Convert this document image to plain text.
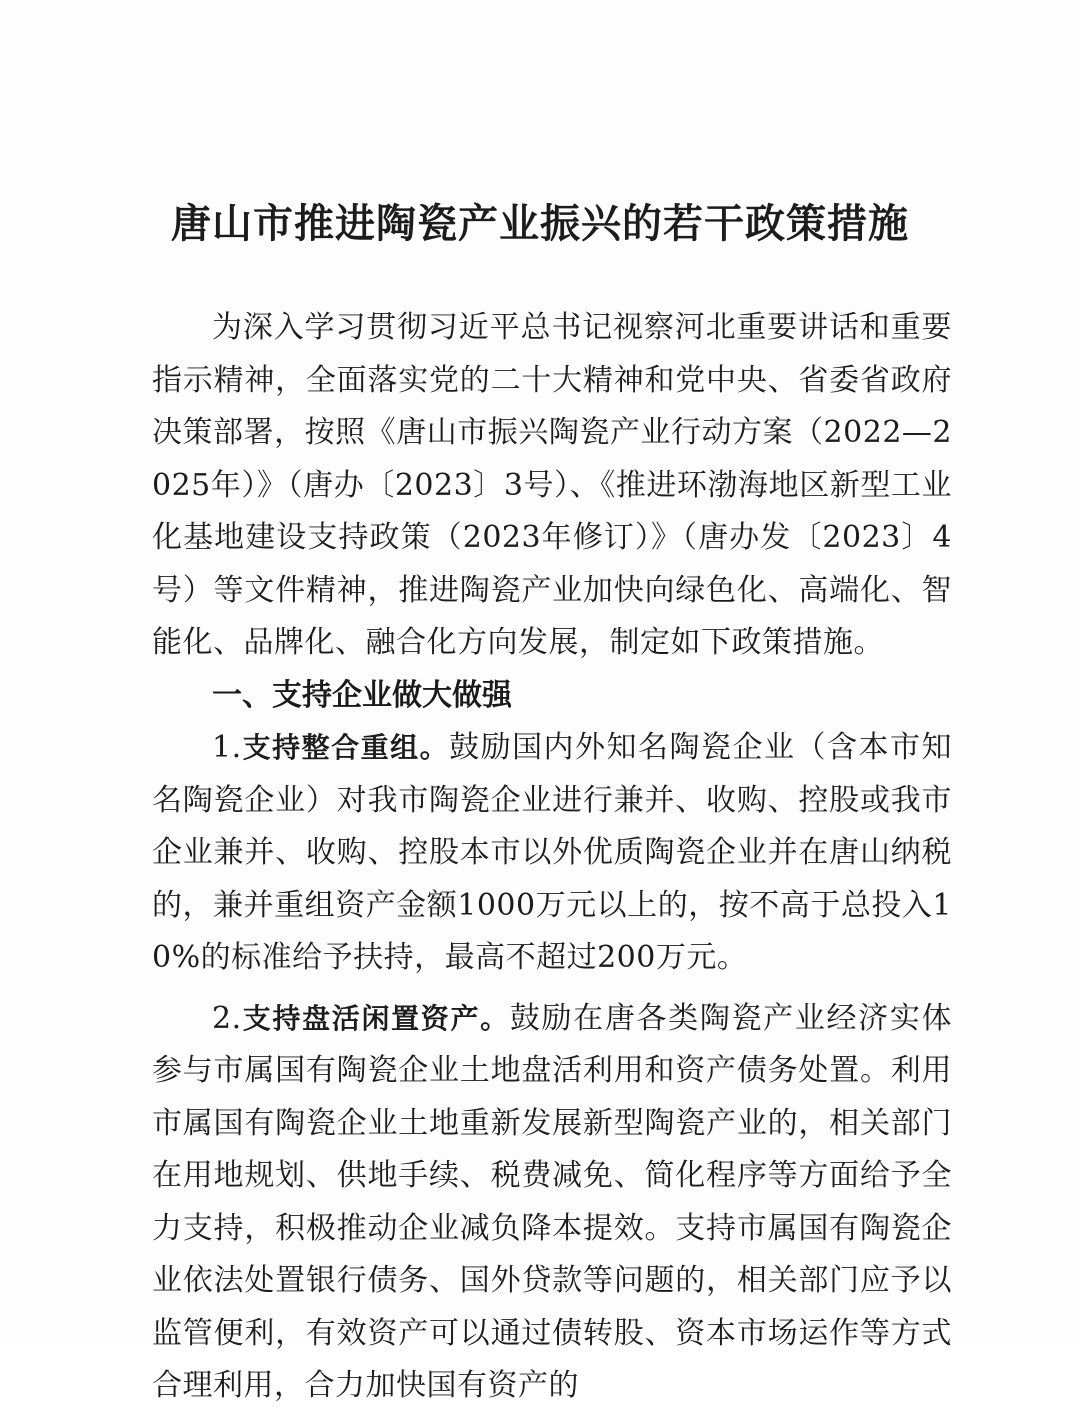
唐山市推进陶瓷产业振兴的若干政策措施

为深入学习贯彻习近平总书记视察河北重要讲话和重要指示精神，全面落实党的二十大精神和党中央、省委省政府决策部署，按照《唐山市振兴陶瓷产业行动方案（2022—2025年）》（唐办〔2023〕3号）、《推进环渤海地区新型工业化基地建设支持政策（2023年修订）》（唐办发〔2023〕4号）等文件精神，推进陶瓷产业加快向绿色化、高端化、智能化、品牌化、融合化方向发展，制定如下政策措施。

一、支持企业做大做强

1.支持整合重组。鼓励国内外知名陶瓷企业（含本市知名陶瓷企业）对我市陶瓷企业进行兼并、收购、控股或我市企业兼并、收购、控股本市以外优质陶瓷企业并在唐山纳税的，兼并重组资产金额1000万元以上的，按不高于总投入10%的标准给予扶持，最高不超过200万元。

2.支持盘活闲置资产。鼓励在唐各类陶瓷产业经济实体参与市属国有陶瓷企业土地盘活利用和资产债务处置。利用市属国有陶瓷企业土地重新发展新型陶瓷产业的，相关部门在用地规划、供地手续、税费减免、简化程序等方面给予全力支持，积极推动企业减负降本提效。支持市属国有陶瓷企业依法处置银行债务、国外贷款等问题的，相关部门应予以监管便利，有效资产可以通过债转股、资本市场运作等方式合理利用，合力加快国有资产的
